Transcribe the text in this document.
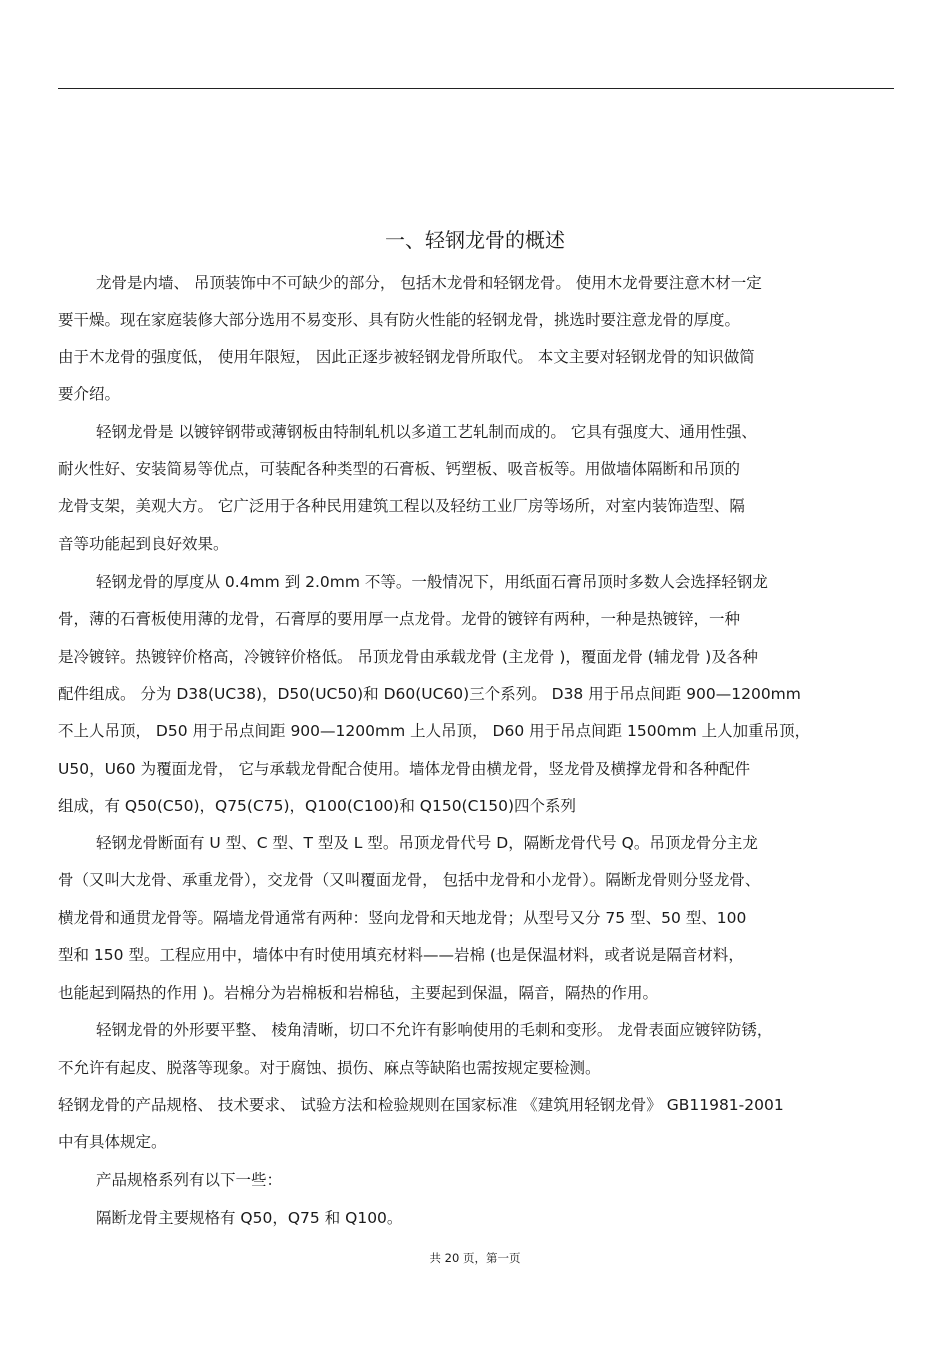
一、轻钢龙骨的概述
龙骨是内墙、 吊顶装饰中不可缺少的部分， 包括木龙骨和轻钢龙骨。 使用木龙骨要注意木材一定
要干燥。现在家庭装修大部分选用不易变形、具有防火性能的轻钢龙骨，挑选时要注意龙骨的厚度。
由于木龙骨的强度低， 使用年限短， 因此正逐步被轻钢龙骨所取代。 本文主要对轻钢龙骨的知识做简
要介绍。
轻钢龙骨是 以镀锌钢带或薄钢板由特制轧机以多道工艺轧制而成的。 它具有强度大、通用性强、
耐火性好、安装简易等优点，可装配各种类型的石膏板、钙塑板、吸音板等。用做墙体隔断和吊顶的
龙骨支架，美观大方。 它广泛用于各种民用建筑工程以及轻纺工业厂房等场所，对室内装饰造型、隔
音等功能起到良好效果。
轻钢龙骨的厚度从 0.4mm 到 2.0mm 不等。一般情况下，用纸面石膏吊顶时多数人会选择轻钢龙
骨，薄的石膏板使用薄的龙骨，石膏厚的要用厚一点龙骨。龙骨的镀锌有两种，一种是热镀锌，一种
是冷镀锌。热镀锌价格高，冷镀锌价格低。 吊顶龙骨由承载龙骨 (主龙骨 )，覆面龙骨 (辅龙骨 )及各种
配件组成。 分为 D38(UC38)，D50(UC50)和 D60(UC60)三个系列。 D38 用于吊点间距 900—1200mm
不上人吊顶， D50 用于吊点间距 900—1200mm 上人吊顶， D60 用于吊点间距 1500mm 上人加重吊顶，
U50，U60 为覆面龙骨， 它与承载龙骨配合使用。墙体龙骨由横龙骨，竖龙骨及横撑龙骨和各种配件
组成，有 Q50(C50)，Q75(C75)，Q100(C100)和 Q150(C150)四个系列
轻钢龙骨断面有 U 型、C 型、T 型及 L 型。吊顶龙骨代号 D，隔断龙骨代号 Q。吊顶龙骨分主龙
骨（又叫大龙骨、承重龙骨），交龙骨（又叫覆面龙骨， 包括中龙骨和小龙骨）。隔断龙骨则分竖龙骨、
横龙骨和通贯龙骨等。隔墙龙骨通常有两种：竖向龙骨和天地龙骨；从型号又分 75 型、50 型、100
型和 150 型。工程应用中，墙体中有时使用填充材料——岩棉 (也是保温材料，或者说是隔音材料，
也能起到隔热的作用 )。岩棉分为岩棉板和岩棉毡，主要起到保温，隔音，隔热的作用。
轻钢龙骨的外形要平整、 棱角清晰，切口不允许有影响使用的毛刺和变形。 龙骨表面应镀锌防锈，
不允许有起皮、脱落等现象。对于腐蚀、损伤、麻点等缺陷也需按规定要检测。
轻钢龙骨的产品规格、 技术要求、 试验方法和检验规则在国家标准 《建筑用轻钢龙骨》 GB11981-2001
中有具体规定。
产品规格系列有以下一些：
隔断龙骨主要规格有 Q50，Q75 和 Q100。
共 20 页，第一页
